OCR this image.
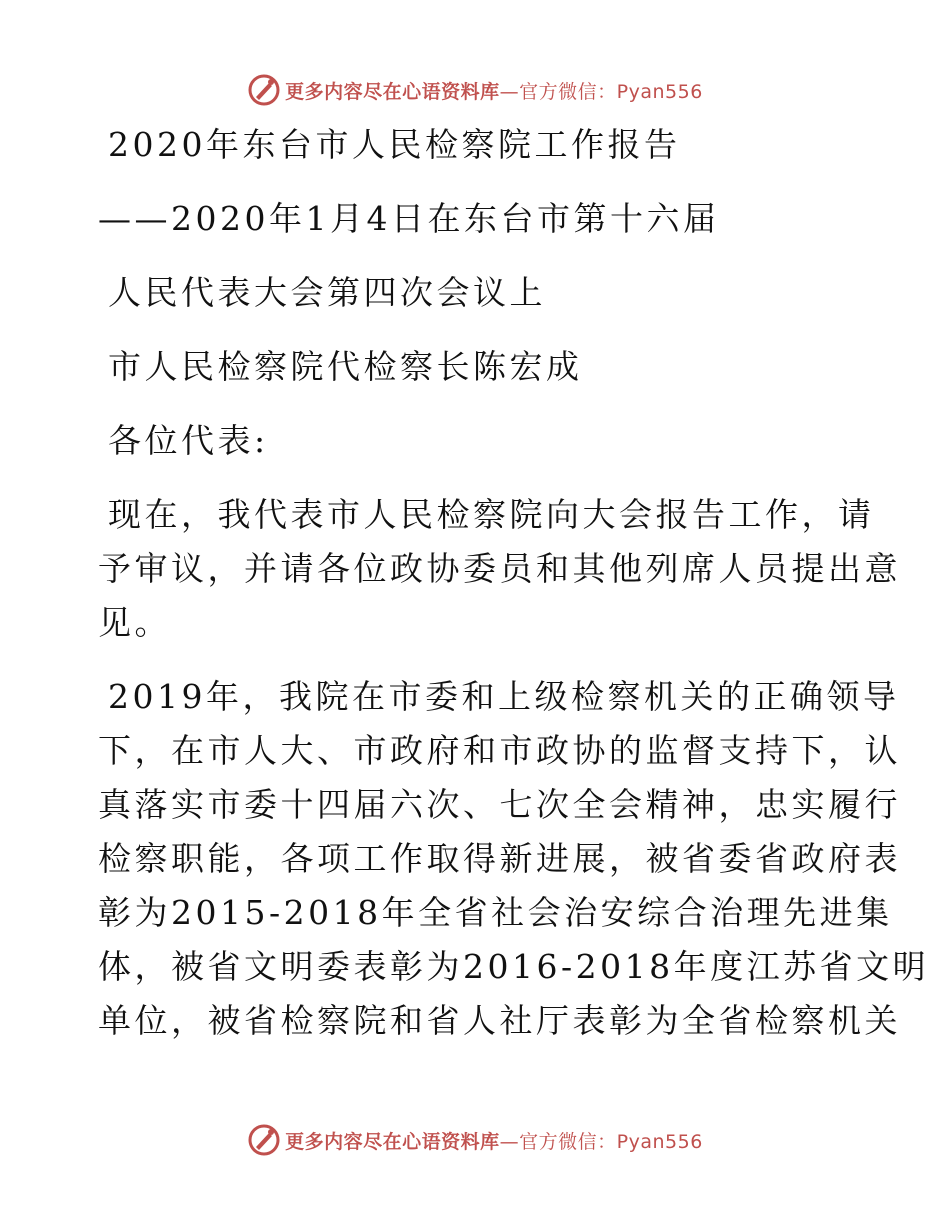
更多内容尽在心语资料库—官方微信：Pyan556
2020年东台市人民检察院工作报告
——2020年1月4日在东台市第十六届
人民代表大会第四次会议上
市人民检察院代检察长陈宏成
各位代表:
现在，我代表市人民检察院向大会报告工作，请
予审议，并请各位政协委员和其他列席人员提出意
见。
2019年，我院在市委和上级检察机关的正确领导
下，在市人大、市政府和市政协的监督支持下，认
真落实市委十四届六次、七次全会精神，忠实履行
检察职能，各项工作取得新进展，被省委省政府表
彰为2015-2018年全省社会治安综合治理先进集
体，被省文明委表彰为2016-2018年度江苏省文明
单位，被省检察院和省人社厅表彰为全省检察机关
更多内容尽在心语资料库—官方微信：Pyan556
